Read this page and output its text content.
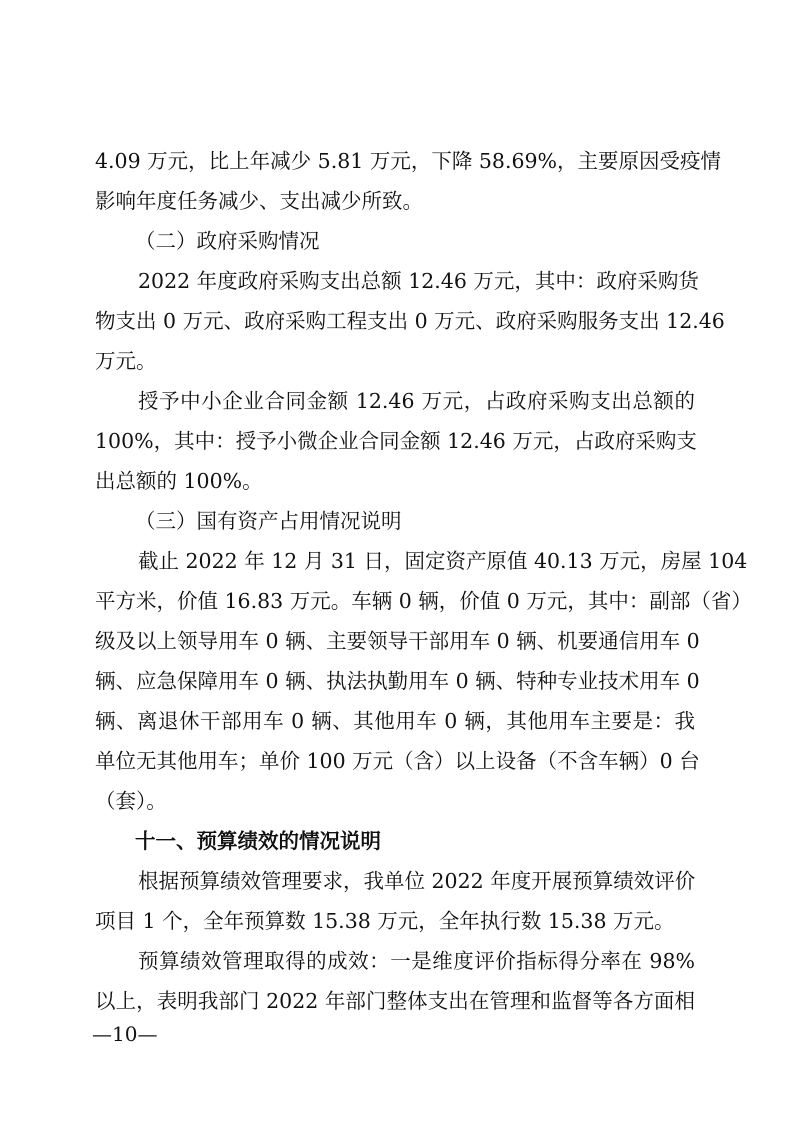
4.09 万元，比上年减少 5.81 万元，下降 58.69%，主要原因受疫情
影响年度任务减少、支出减少所致。
（二）政府采购情况
2022 年度政府采购支出总额 12.46 万元，其中：政府采购货
物支出 0 万元、政府采购工程支出 0 万元、政府采购服务支出 12.46
万元。
授予中小企业合同金额 12.46 万元，占政府采购支出总额的
100%，其中：授予小微企业合同金额 12.46 万元，占政府采购支
出总额的 100%。
（三）国有资产占用情况说明
截止 2022 年 12 月 31 日，固定资产原值 40.13 万元，房屋 104
平方米，价值 16.83 万元。车辆 0 辆，价值 0 万元，其中：副部（省）
级及以上领导用车 0 辆、主要领导干部用车 0 辆、机要通信用车 0
辆、应急保障用车 0 辆、执法执勤用车 0 辆、特种专业技术用车 0
辆、离退休干部用车 0 辆、其他用车 0 辆，其他用车主要是：我
单位无其他用车；单价 100 万元（含）以上设备（不含车辆）0 台
（套）。
十一、预算绩效的情况说明
根据预算绩效管理要求，我单位 2022 年度开展预算绩效评价
项目 1 个，全年预算数 15.38 万元，全年执行数 15.38 万元。
预算绩效管理取得的成效：一是维度评价指标得分率在 98%
以上，表明我部门 2022 年部门整体支出在管理和监督等各方面相
—10—
